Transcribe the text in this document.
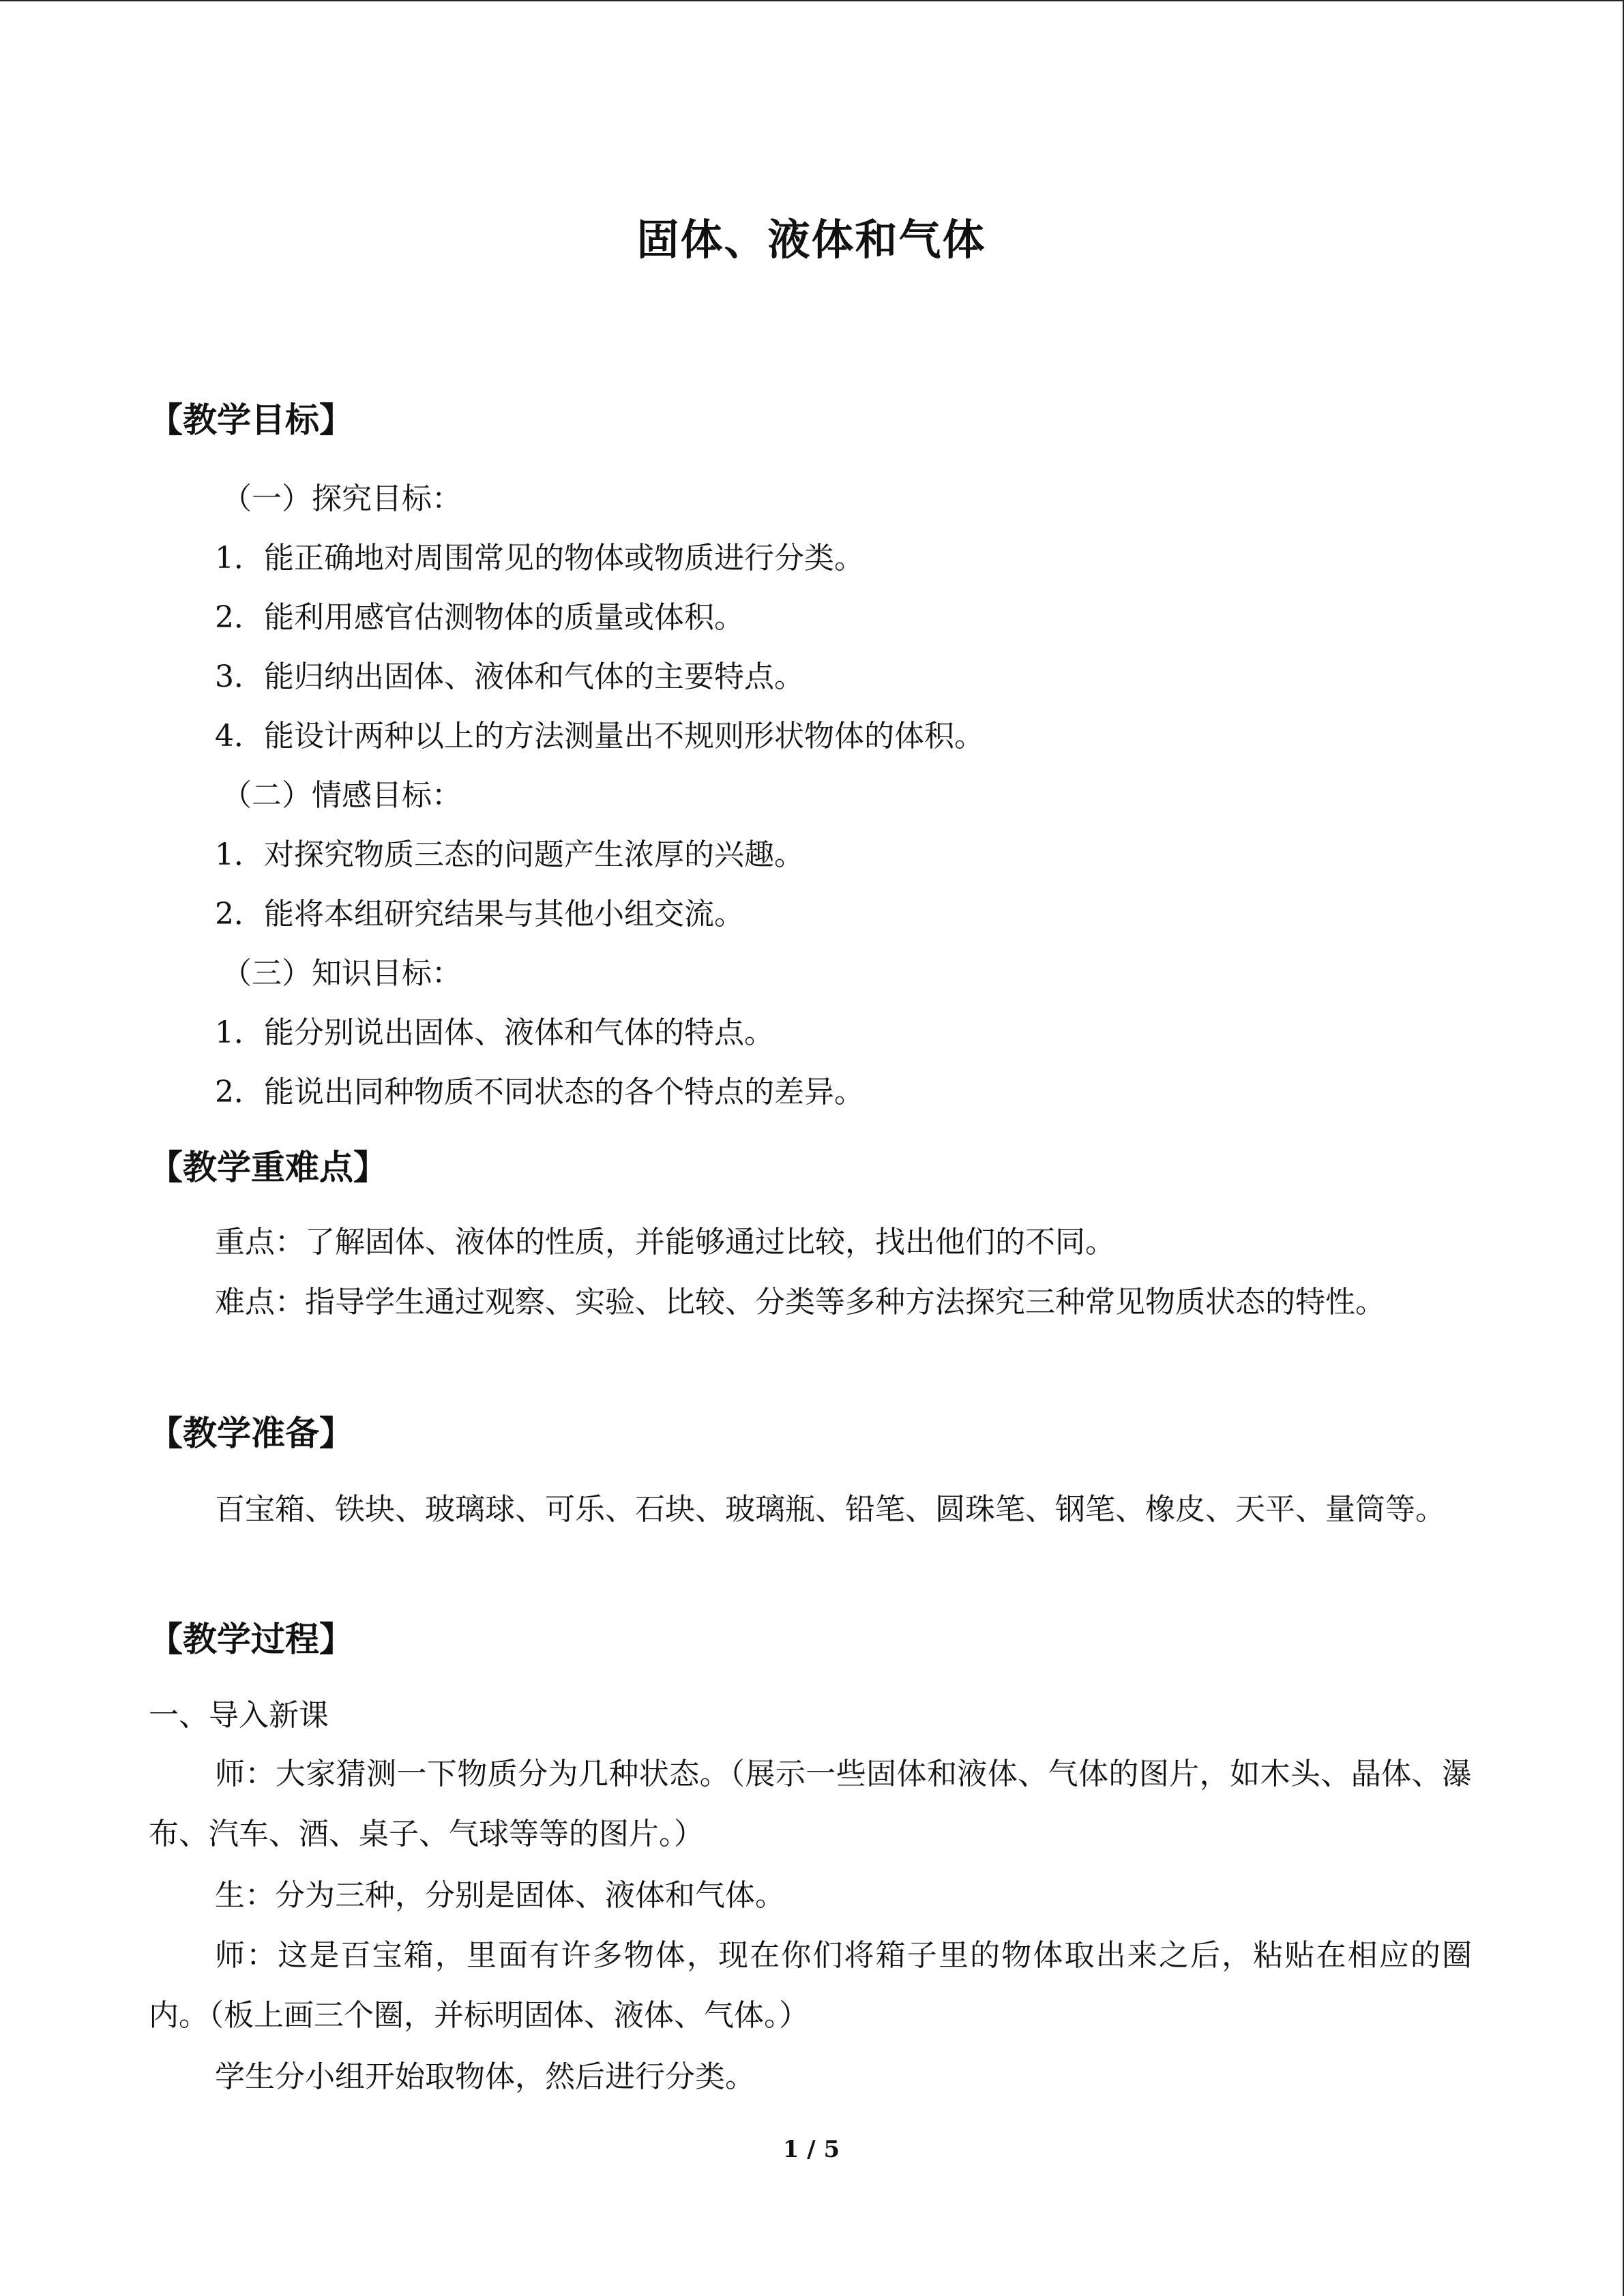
固体、液体和气体
【教学目标】
（一）探究目标：
1．能正确地对周围常见的物体或物质进行分类。
2．能利用感官估测物体的质量或体积。
3．能归纳出固体、液体和气体的主要特点。
4．能设计两种以上的方法测量出不规则形状物体的体积。
（二）情感目标：
1．对探究物质三态的问题产生浓厚的兴趣。
2．能将本组研究结果与其他小组交流。
（三）知识目标：
1．能分别说出固体、液体和气体的特点。
2．能说出同种物质不同状态的各个特点的差异。
【教学重难点】
重点：了解固体、液体的性质，并能够通过比较，找出他们的不同。
难点：指导学生通过观察、实验、比较、分类等多种方法探究三种常见物质状态的特性。
【教学准备】
百宝箱、铁块、玻璃球、可乐、石块、玻璃瓶、铅笔、圆珠笔、钢笔、橡皮、天平、量筒等。
【教学过程】
一、导入新课
师：大家猜测一下物质分为几种状态。（展示一些固体和液体、气体的图片，如木头、晶体、瀑布、汽车、酒、桌子、气球等等的图片。）
生：分为三种，分别是固体、液体和气体。
师：这是百宝箱，里面有许多物体，现在你们将箱子里的物体取出来之后，粘贴在相应的圈内。（板上画三个圈，并标明固体、液体、气体。）
学生分小组开始取物体，然后进行分类。
1 / 5
